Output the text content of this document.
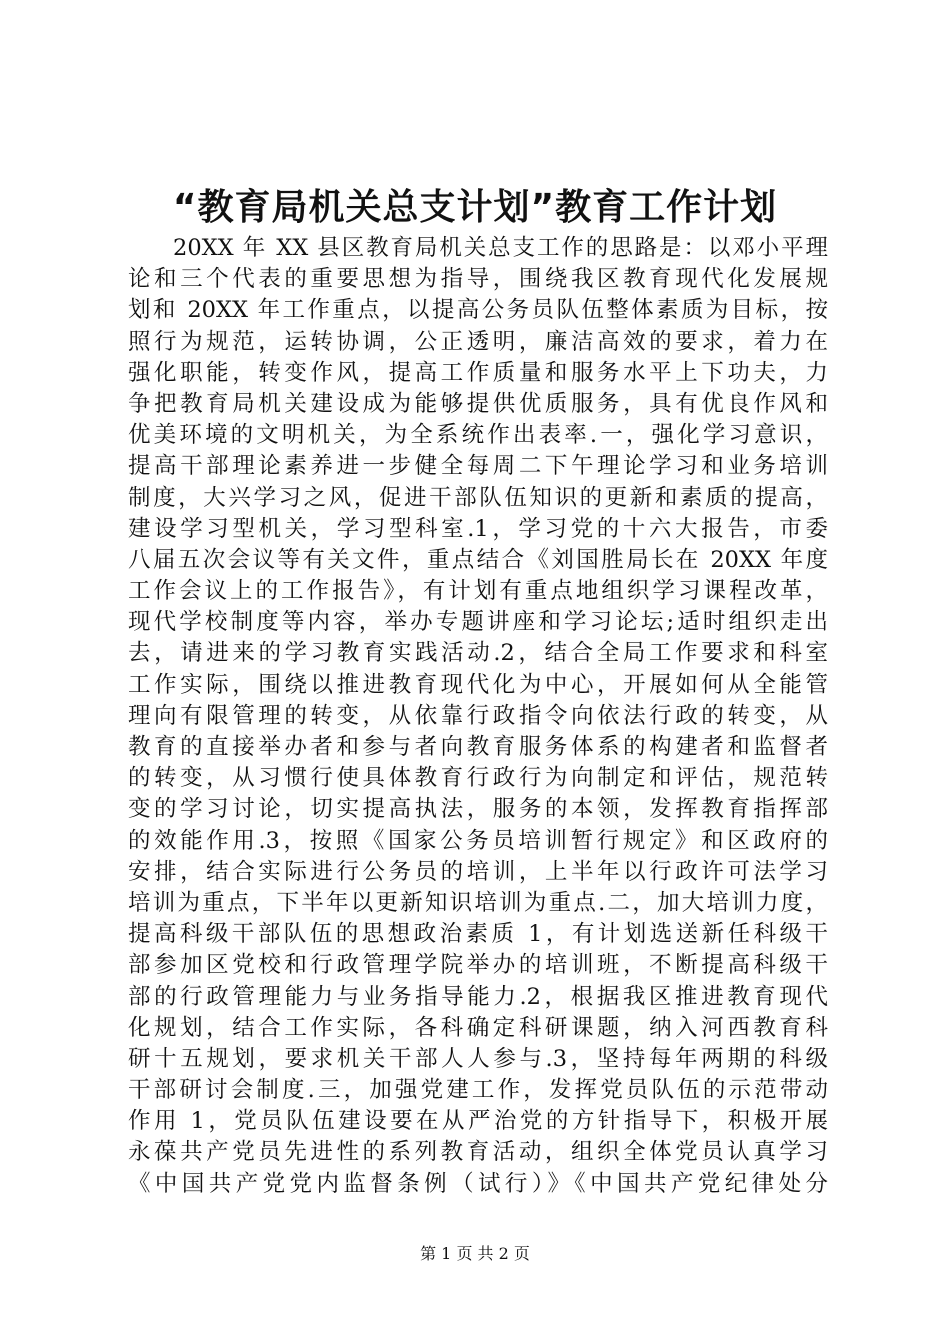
“教育局机关总支计划”教育工作计划
20XX 年 XX 县区教育局机关总支工作的思路是：以邓小平理
论和三个代表的重要思想为指导，围绕我区教育现代化发展规
划和 20XX 年工作重点，以提高公务员队伍整体素质为目标，按
照行为规范，运转协调，公正透明，廉洁高效的要求，着力在
强化职能，转变作风，提高工作质量和服务水平上下功夫，力
争把教育局机关建设成为能够提供优质服务，具有优良作风和
优美环境的文明机关，为全系统作出表率.一，强化学习意识，
提高干部理论素养进一步健全每周二下午理论学习和业务培训
制度，大兴学习之风，促进干部队伍知识的更新和素质的提高，
建设学习型机关，学习型科室.1，学习党的十六大报告，市委
八届五次会议等有关文件，重点结合《刘国胜局长在 20XX 年度
工作会议上的工作报告》，有计划有重点地组织学习课程改革，
现代学校制度等内容，举办专题讲座和学习论坛;适时组织走出
去，请进来的学习教育实践活动.2，结合全局工作要求和科室
工作实际，围绕以推进教育现代化为中心，开展如何从全能管
理向有限管理的转变，从依靠行政指令向依法行政的转变，从
教育的直接举办者和参与者向教育服务体系的构建者和监督者
的转变，从习惯行使具体教育行政行为向制定和评估，规范转
变的学习讨论，切实提高执法，服务的本领，发挥教育指挥部
的效能作用.3，按照《国家公务员培训暂行规定》和区政府的
安排，结合实际进行公务员的培训，上半年以行政许可法学习
培训为重点，下半年以更新知识培训为重点.二，加大培训力度，
提高科级干部队伍的思想政治素质 1，有计划选送新任科级干
部参加区党校和行政管理学院举办的培训班，不断提高科级干
部的行政管理能力与业务指导能力.2，根据我区推进教育现代
化规划，结合工作实际，各科确定科研课题，纳入河西教育科
研十五规划，要求机关干部人人参与.3，坚持每年两期的科级
干部研讨会制度.三，加强党建工作，发挥党员队伍的示范带动
作用 1，党员队伍建设要在从严治党的方针指导下，积极开展
永葆共产党员先进性的系列教育活动，组织全体党员认真学习
《中国共产党党内监督条例（试行）》《中国共产党纪律处分
第 1 页 共 2 页
